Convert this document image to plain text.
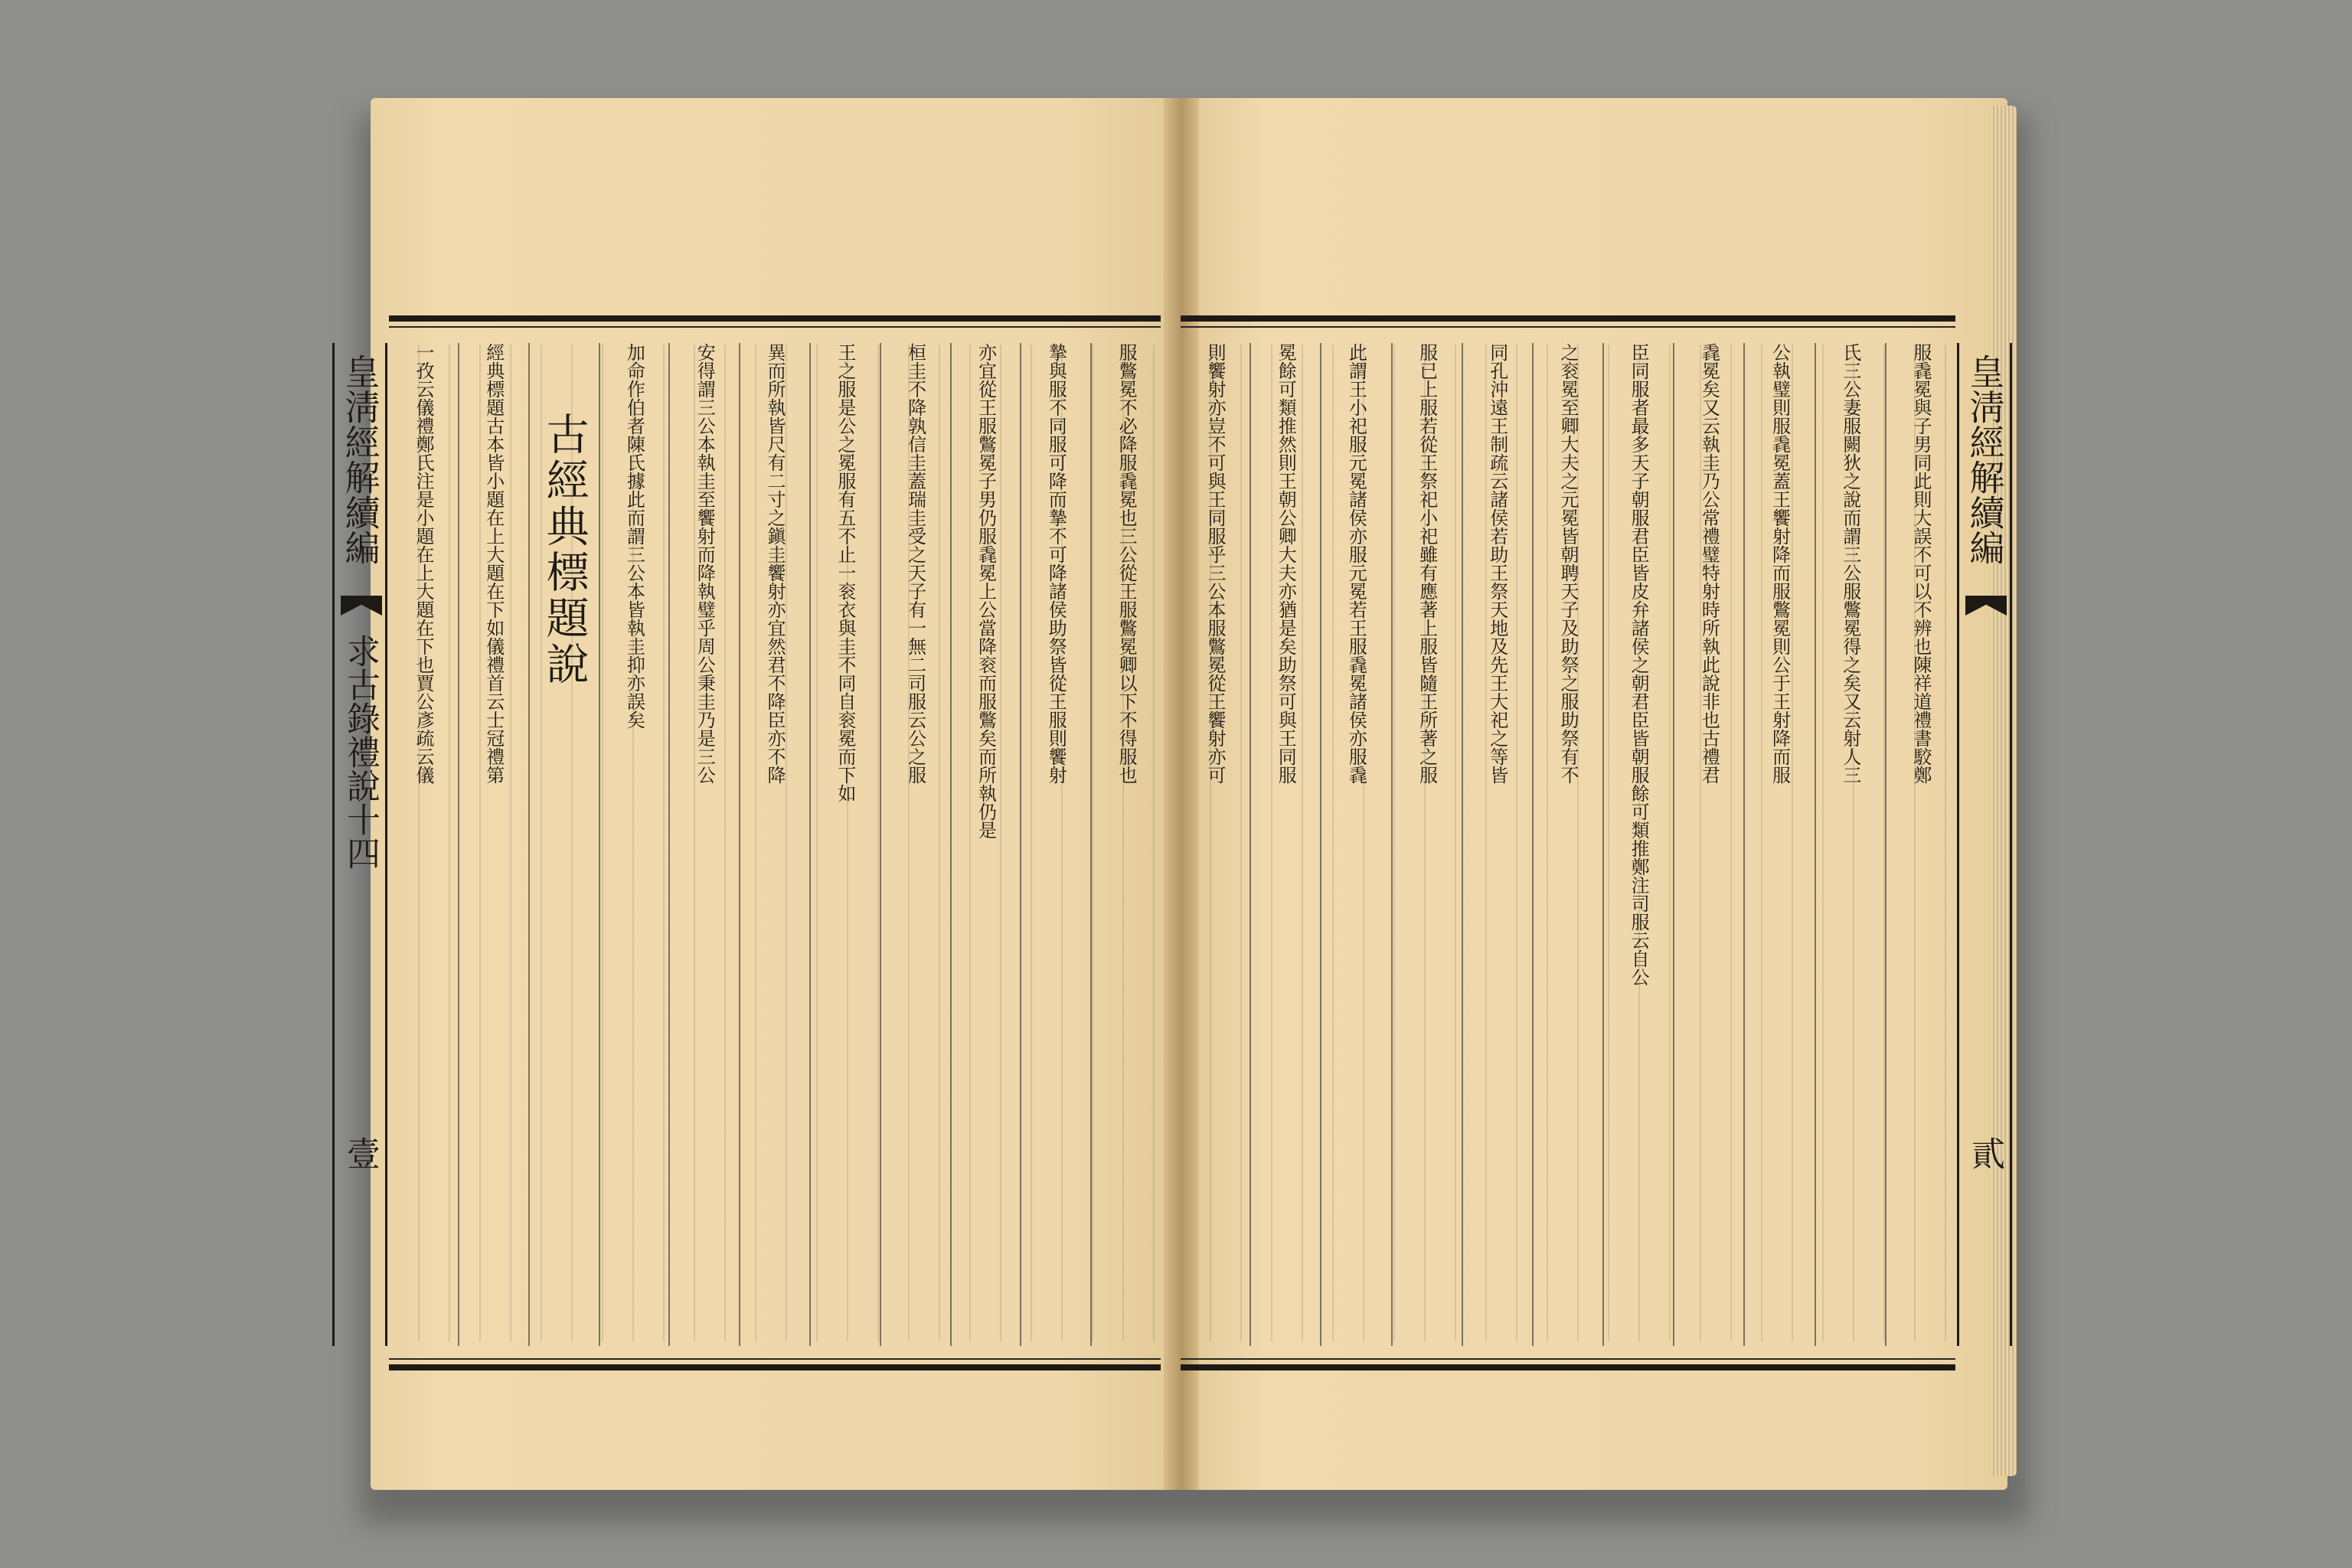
皇淸經解續編
求古錄禮說十四
壹
服鷩冕不必降服毳冕也三公從王服鷩冕卿以下不得服也
摯與服不同服可降而摯不可降諸侯助祭皆從王服則饗射
亦宜從王服鷩冕子男仍服毳冕上公當降衮而服鷩矣而所執仍是
桓圭不降孰信圭蓋瑞圭受之天子有一無二司服云公之服
王之服是公之冕服有五不止一衮衣與圭不同自衮冕而下如
異而所執皆尺有二寸之鎭圭饗射亦宜然君不降臣亦不降
安得謂三公本執圭至饗射而降執璧乎周公秉圭乃是三公
加命作伯者陳氏據此而謂三公本皆執圭抑亦誤矣
古經典標題說
經典標題古本皆小題在上大題在下如儀禮首云士冠禮第
一孜云儀禮鄭氏注是小題在上大題在下也賈公彥疏云儀	皇淸經解續編
貳
服毳冕與子男同此則大誤不可以不辨也陳祥道禮書駮鄭
氏三公妻服闕狄之說而謂三公服鷩冕得之矣又云射人三
公執璧則服毳冕蓋王饗射降而服鷩冕則公于王射降而服
毳冕矣又云執圭乃公常禮璧特射時所執此說非也古禮君
臣同服者最多天子朝服君臣皆皮弁諸侯之朝君臣皆朝服餘可類推鄭注司服云自公
之衮冕至卿大夫之元冕皆朝聘天子及助祭之服助祭有不
同孔沖遠王制疏云諸侯若助王祭天地及先王大祀之等皆
服已上服若從王祭祀小祀雖有應著上服皆隨王所著之服
此謂王小祀服元冕諸侯亦服元冕若王服毳冕諸侯亦服毳
冕餘可類推然則王朝公卿大夫亦猶是矣助祭可與王同服
則饗射亦豈不可與王同服乎三公本服鷩冕從王饗射亦可
